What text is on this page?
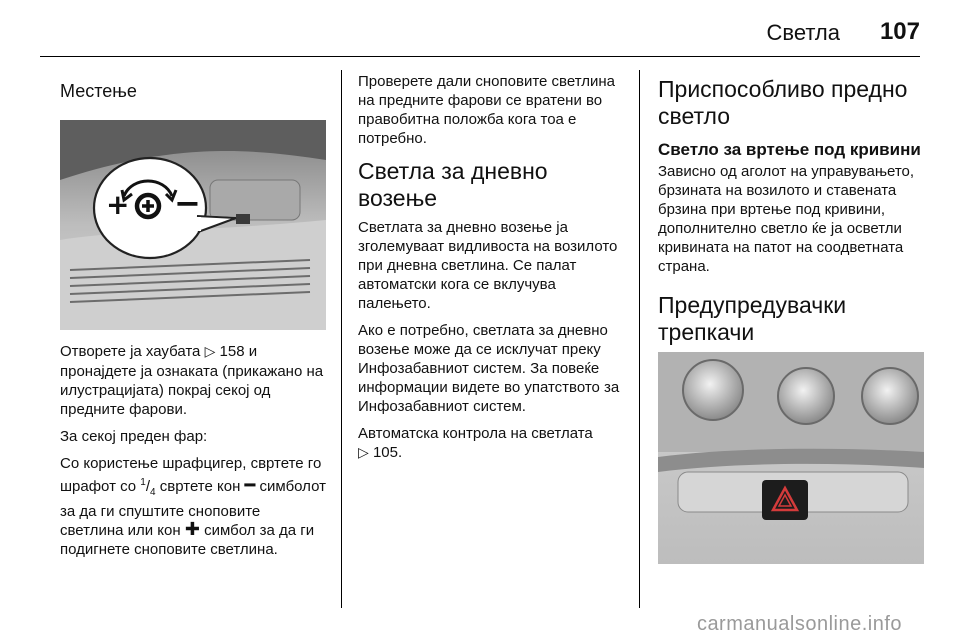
Светла 107
Местење
+ −

Отворете ја хаубата ▷ 158 и пронајдете ја ознаката (прикажано на илустрацијата) покрај секој од предните фарови.

За секој преден фар:

Со користење шрафцигер, свртете го шрафот со $^1/_4$ свртете кон ━ симболот за да ги спуштите сноповите светлина или кон ✚ симбол за да ги подигнете сноповите светлина.

Проверете дали сноповите светлина на предните фарови се вратени во правобитна положба кога тоа е потребно.

Светла за дневно возење

Светлата за дневно возење ја зголемуваат видливоста на возилото при дневна светлина. Се палат автоматски кога се вклучува палењето.

Ако е потребно, светлата за дневно возење може да се исклучат преку Инфозабавниот систем. За повеќе информации видете во упатството за Инфозабавниот систем.

Автоматска контрола на светлата
▷ 105.

Приспособливо предно светло
Светло за вртење под кривини

Зависно од аголот на управувањето, брзината на возилото и ставената брзина при вртење под кривини, дополнително светло ќе ја осветли кривината на патот на соодветната страна.

Предупредувачки трепкачи
carmanualsonline.info
